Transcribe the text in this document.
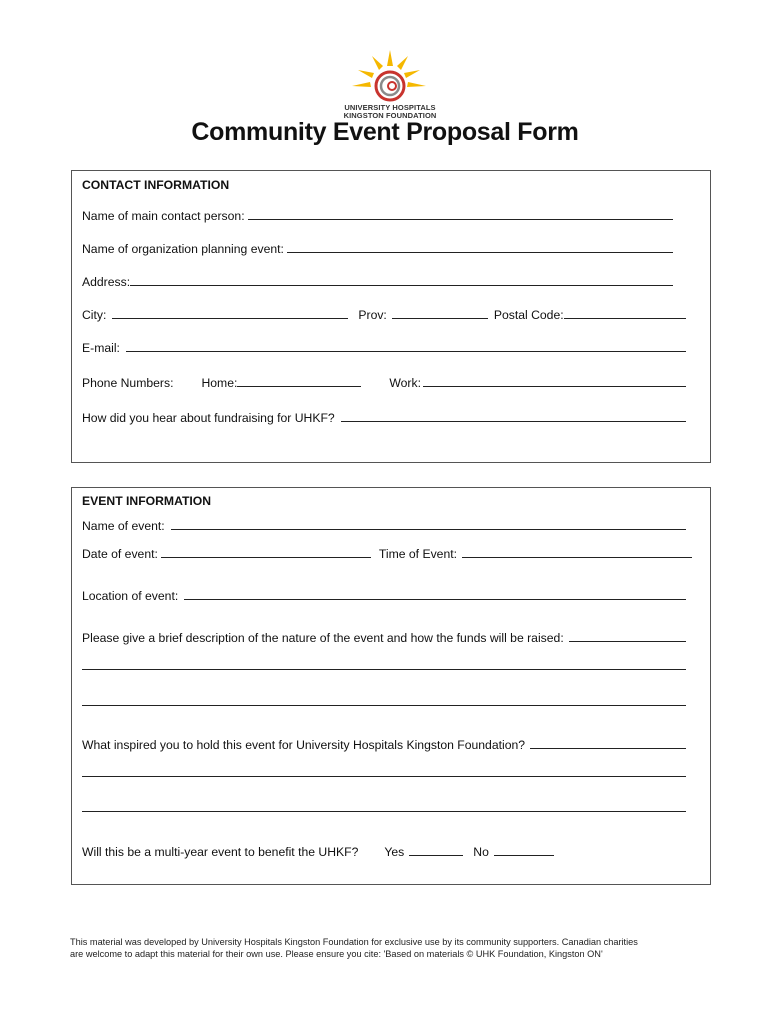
UNIVERSITY HOSPITALS
KINGSTON FOUNDATION
Community Event Proposal Form
CONTACT INFORMATION
Name of main contact person:
Name of organization planning event:
Address:
City:	Prov:	Postal Code:
E-mail:
Phone Numbers: Home:	Work:
How did you hear about fundraising for UHKF?
EVENT INFORMATION
Name of event:
Date of event:	Time of Event:
Location of event:
Please give a brief description of the nature of the event and how the funds will be raised:
What inspired you to hold this event for University Hospitals Kingston Foundation?
Will this be a multi-year event to benefit the UHKF? Yes	No
This material was developed by University Hospitals Kingston Foundation for exclusive use by its community supporters. Canadian charities
are welcome to adapt this material for their own use. Please ensure you cite: 'Based on materials © UHK Foundation, Kingston ON'
